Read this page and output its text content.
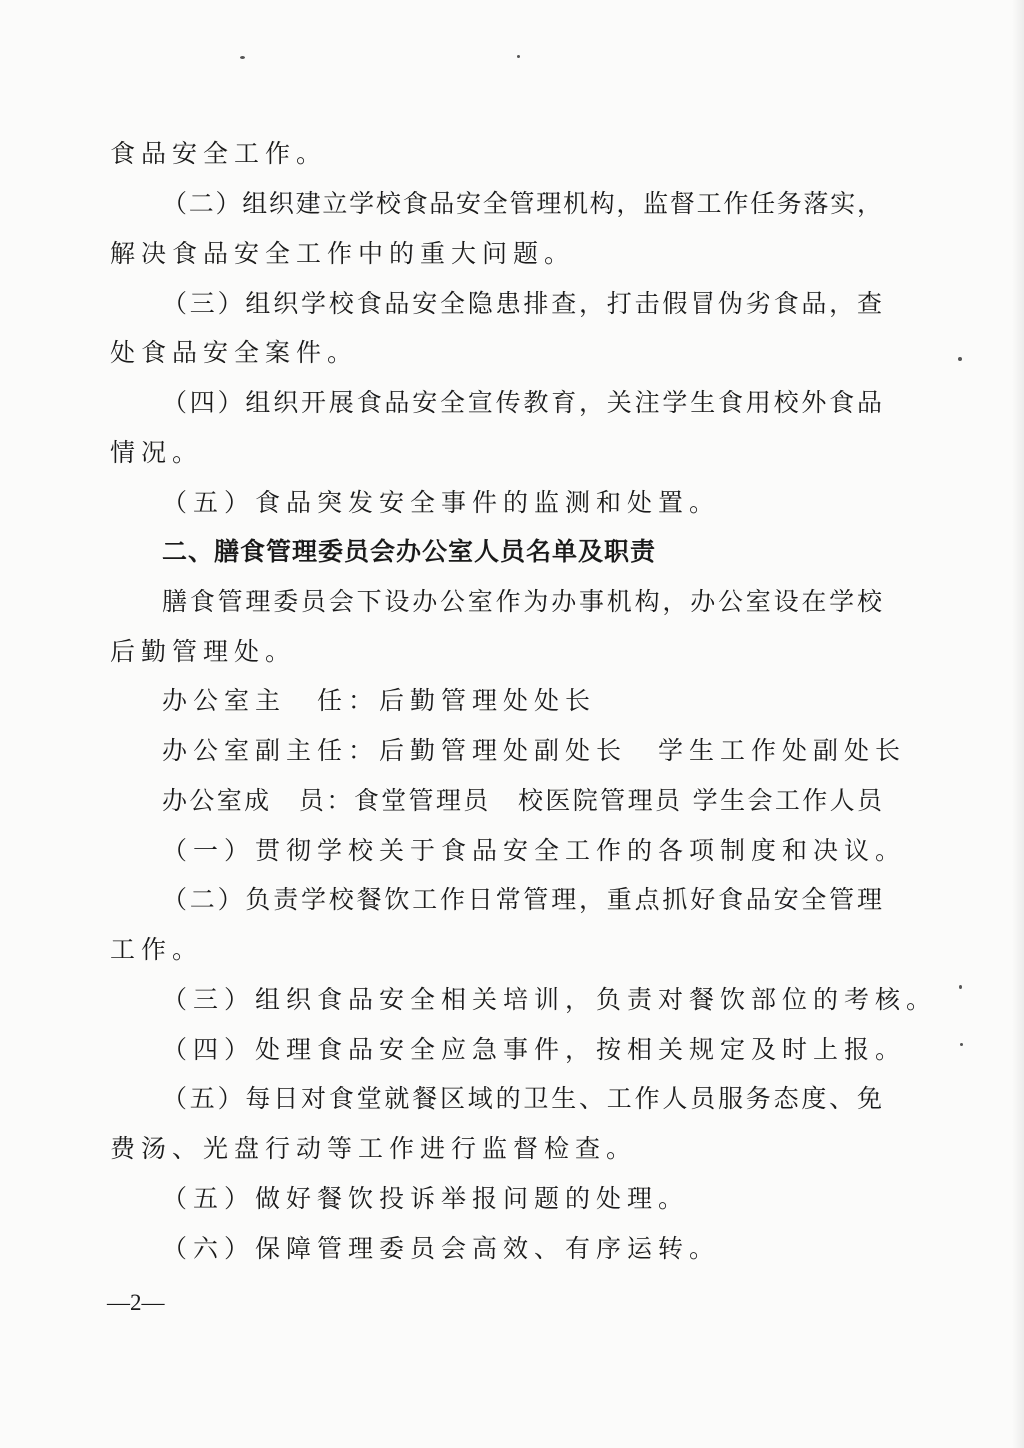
食品安全工作。
（二）组织建立学校食品安全管理机构，监督工作任务落实，
解决食品安全工作中的重大问题。
（三）组织学校食品安全隐患排查，打击假冒伪劣食品，查
处食品安全案件。
（四）组织开展食品安全宣传教育，关注学生食用校外食品
情况。
（五）食品突发安全事件的监测和处置。
二、膳食管理委员会办公室人员名单及职责
膳食管理委员会下设办公室作为办事机构，办公室设在学校
后勤管理处。
办公室主　任：后勤管理处处长
办公室副主任：后勤管理处副处长　学生工作处副处长
办公室成　员：食堂管理员　校医院管理员 学生会工作人员
（一）贯彻学校关于食品安全工作的各项制度和决议。
（二）负责学校餐饮工作日常管理，重点抓好食品安全管理
工作。
（三）组织食品安全相关培训，负责对餐饮部位的考核。
（四）处理食品安全应急事件，按相关规定及时上报。
（五）每日对食堂就餐区域的卫生、工作人员服务态度、免
费汤、光盘行动等工作进行监督检查。
（五）做好餐饮投诉举报问题的处理。
（六）保障管理委员会高效、有序运转。
—2—
